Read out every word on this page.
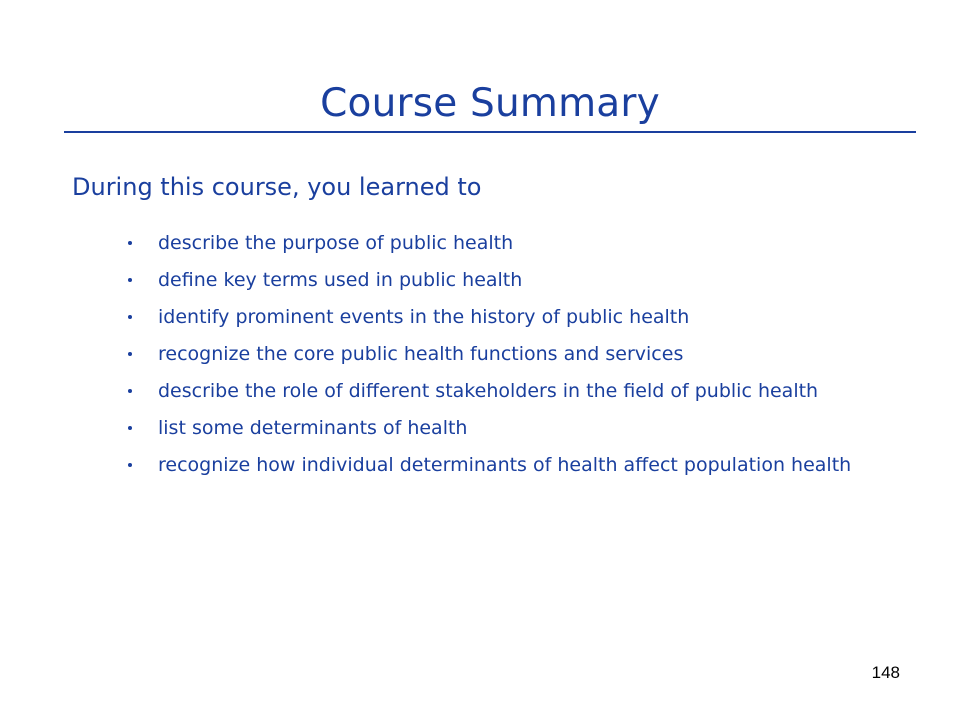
Course Summary
During this course, you learned to
describe the purpose of public health
define key terms used in public health
identify prominent events in the history of public health
recognize the core public health functions and services
describe the role of different stakeholders in the field of public health
list some determinants of health
recognize how individual determinants of health affect population health
148
